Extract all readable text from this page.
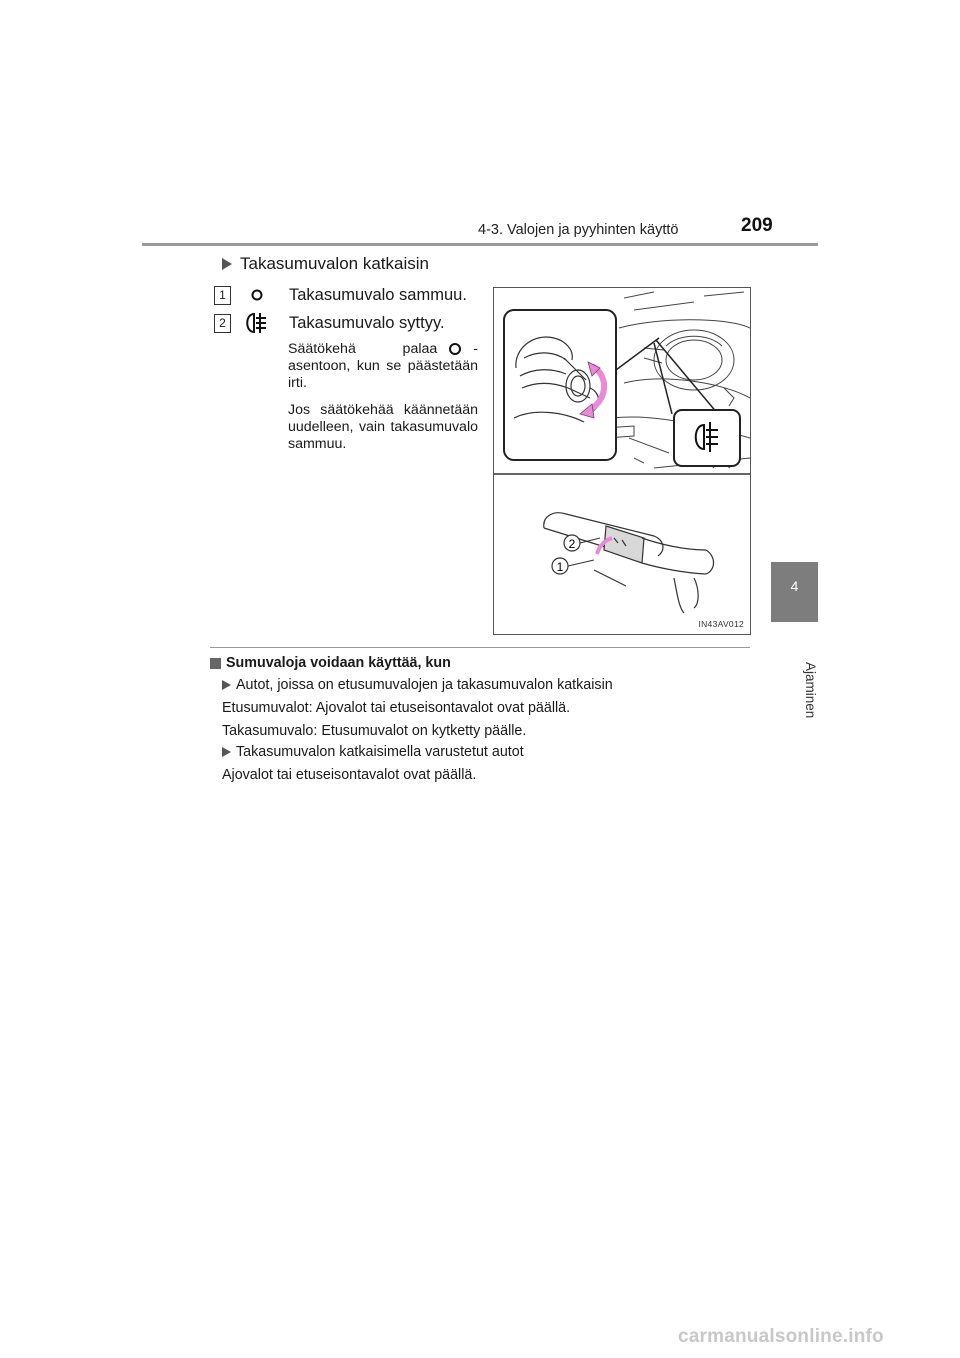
4-3. Valojen ja pyyhinten käyttö	209
4
Ajaminen
Takasumuvalon katkaisin
1	Takasumuvalo sammuu.
2	Takasumuvalo syttyy.

Säätökehä palaa	-asentoon, kun se päästetään irti.

Jos säätökehää käännetään uudelleen, vain takasumuvalo sammuu.

2
1
IN43AV012
Sumuvaloja voidaan käyttää, kun
Autot, joissa on etusumuvalojen ja takasumuvalon katkaisin
Etusumuvalot: Ajovalot tai etuseisontavalot ovat päällä.
Takasumuvalo: Etusumuvalot on kytketty päälle.
Takasumuvalon katkaisimella varustetut autot
Ajovalot tai etuseisontavalot ovat päällä.
carmanualsonline.info
